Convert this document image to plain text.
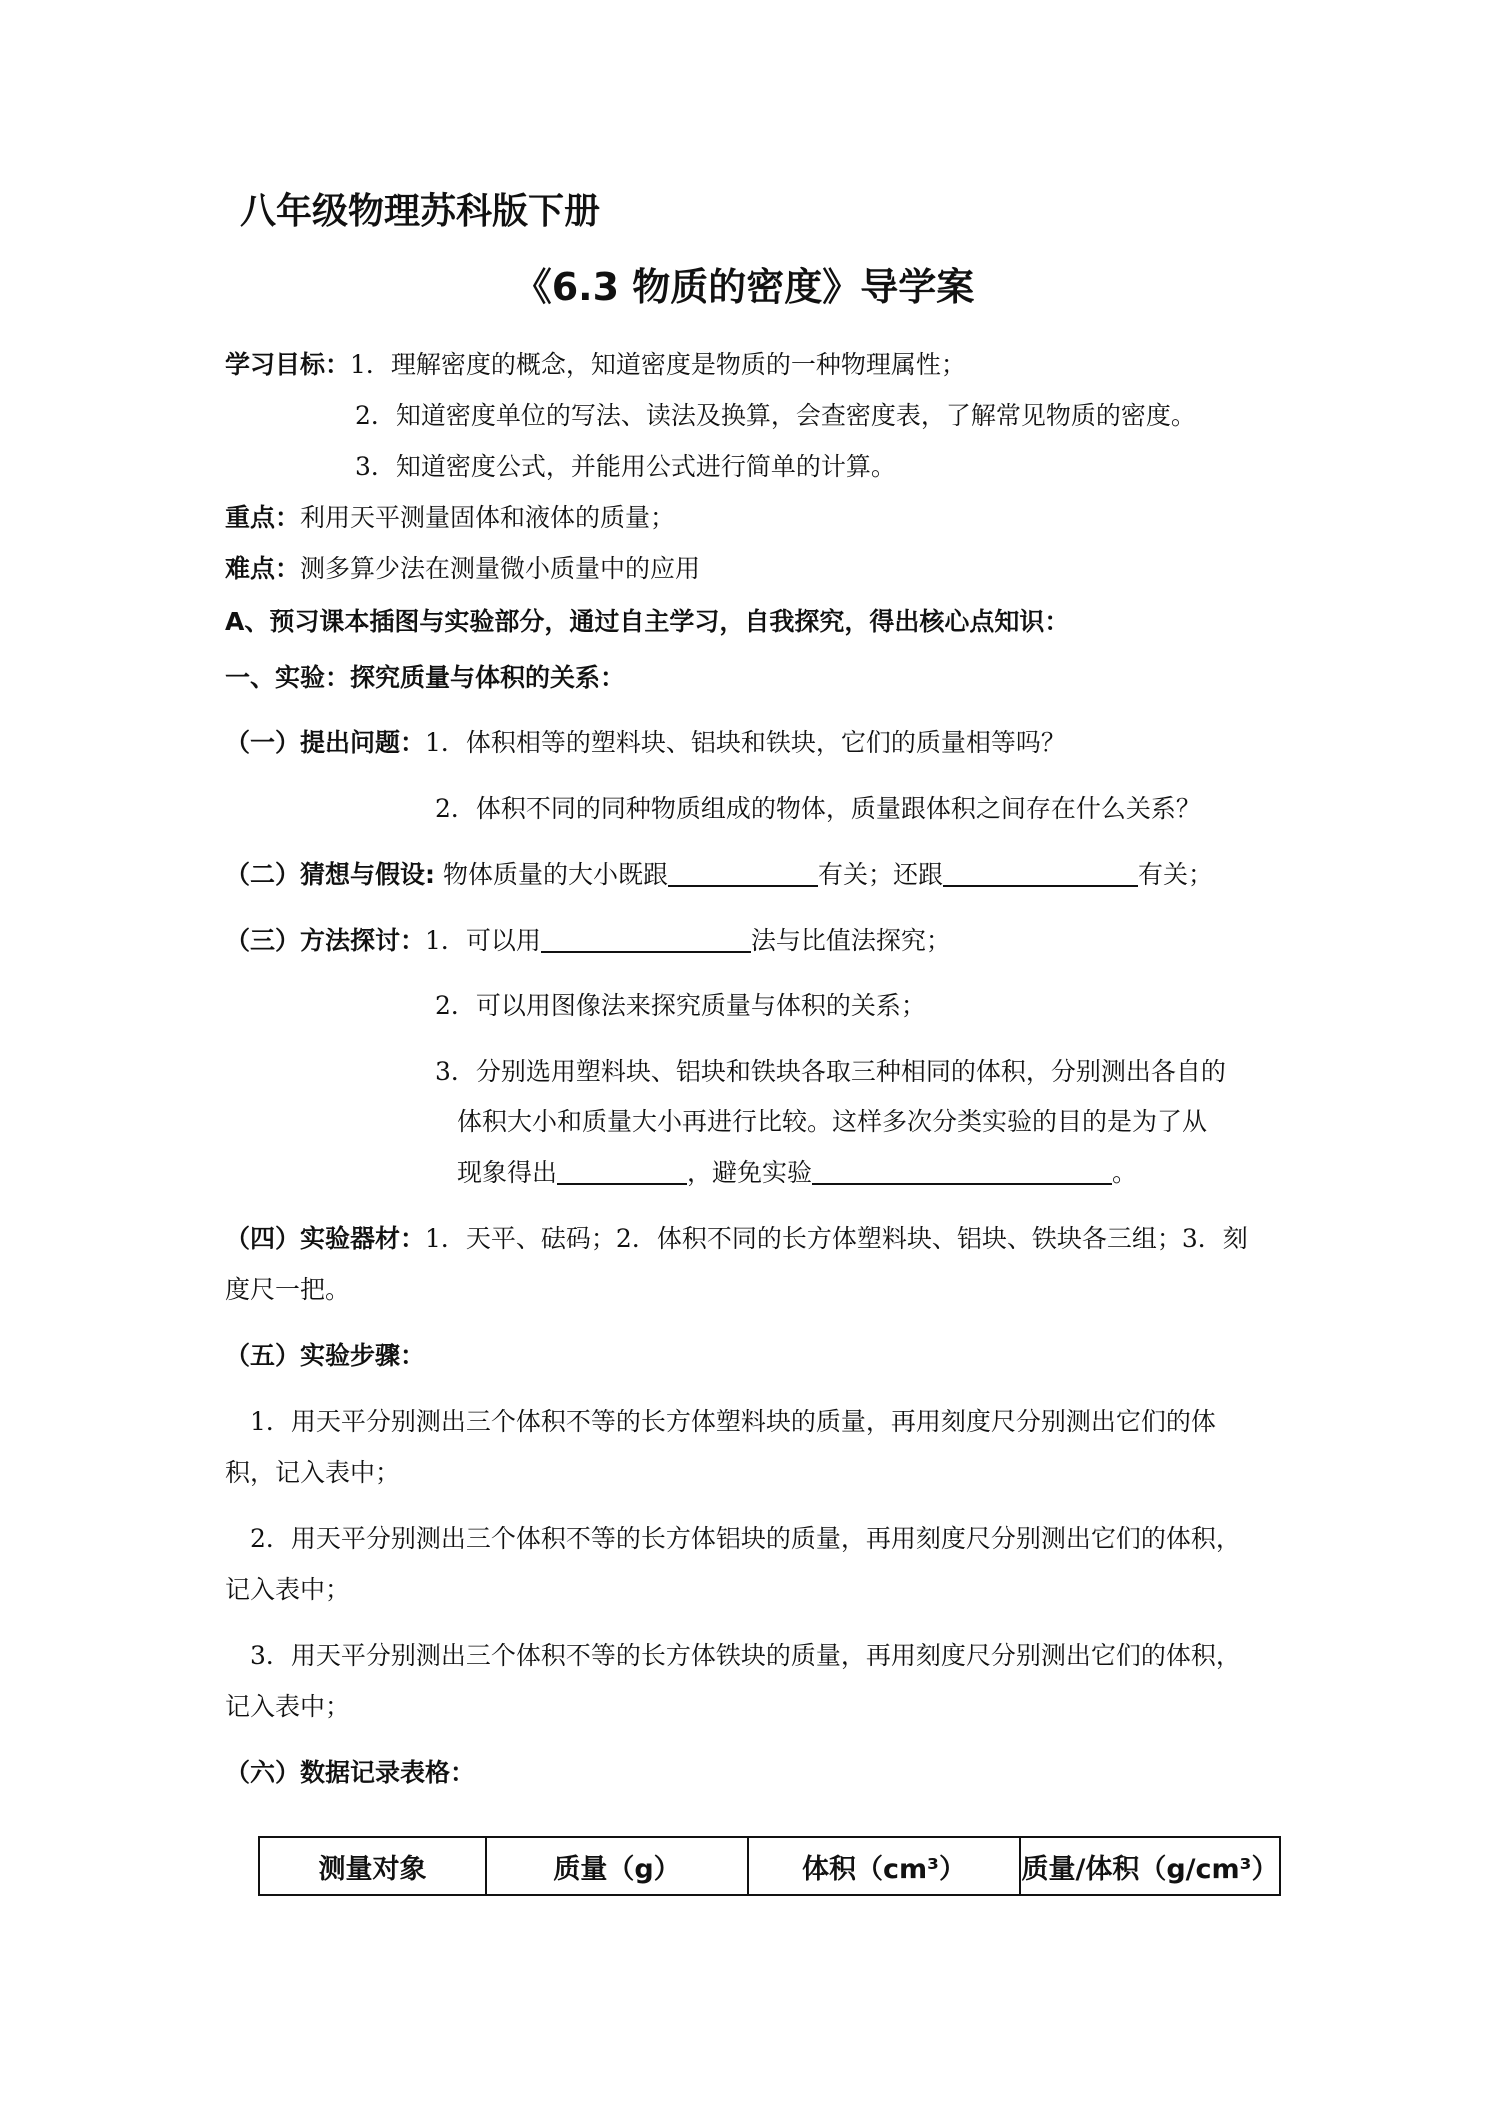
八年级物理苏科版下册
《6.3 物质的密度》导学案
学习目标：1．理解密度的概念，知道密度是物质的一种物理属性；
2．知道密度单位的写法、读法及换算，会查密度表，了解常见物质的密度。
3．知道密度公式，并能用公式进行简单的计算。
重点：利用天平测量固体和液体的质量；
难点：测多算少法在测量微小质量中的应用
A、预习课本插图与实验部分，通过自主学习，自我探究，得出核心点知识：
一、实验：探究质量与体积的关系：
（一）提出问题：1．体积相等的塑料块、铝块和铁块，它们的质量相等吗？
2．体积不同的同种物质组成的物体，质量跟体积之间存在什么关系？
（二）猜想与假设: 物体质量的大小既跟	有关；还跟	有关；
（三）方法探讨：1．可以用	法与比值法探究；
2．可以用图像法来探究质量与体积的关系；
3．分别选用塑料块、铝块和铁块各取三种相同的体积，分别测出各自的
体积大小和质量大小再进行比较。这样多次分类实验的目的是为了从
现象得出	，避免实验	。
（四）实验器材：1．天平、砝码；2．体积不同的长方体塑料块、铝块、铁块各三组；3．刻
度尺一把。
（五）实验步骤：
1．用天平分别测出三个体积不等的长方体塑料块的质量，再用刻度尺分别测出它们的体
积，记入表中；
2．用天平分别测出三个体积不等的长方体铝块的质量，再用刻度尺分别测出它们的体积，
记入表中；
3．用天平分别测出三个体积不等的长方体铁块的质量，再用刻度尺分别测出它们的体积，
记入表中；
（六）数据记录表格：
测量对象	质量（g）	体积（cm³）	质量/体积（g/cm³）
